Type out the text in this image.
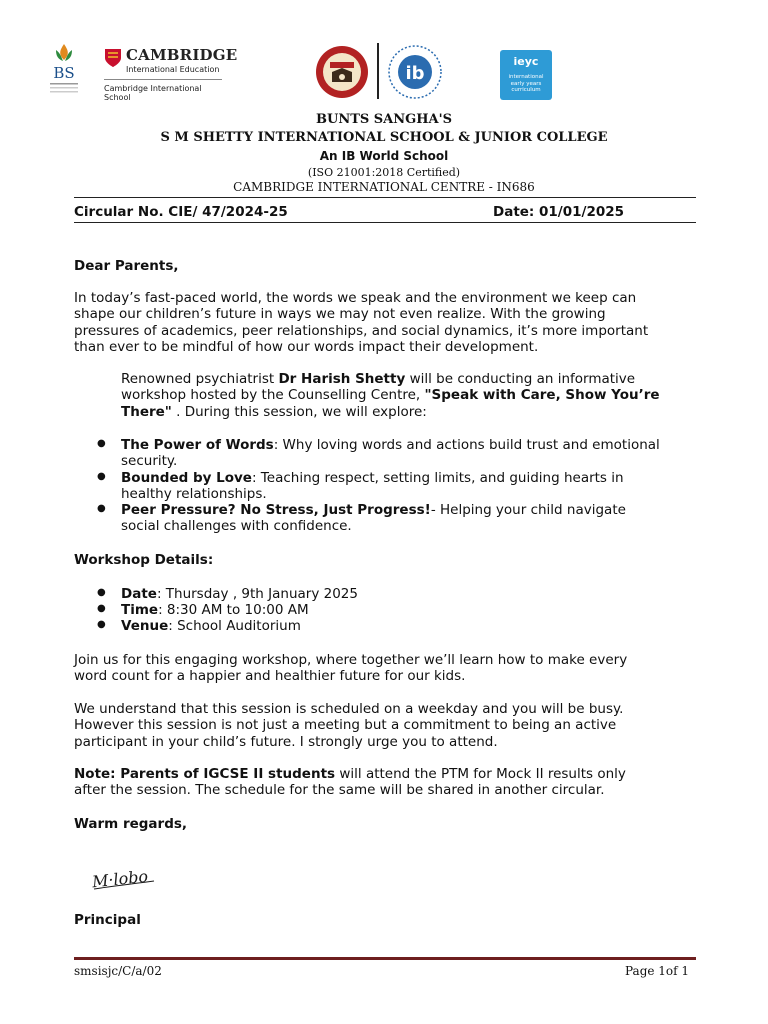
BS
CAMBRIDGE
International Education
Cambridge International School
ib
ieyc
international
early years
curriculum
BUNTS SANGHA'S
S M SHETTY INTERNATIONAL SCHOOL & JUNIOR COLLEGE
An IB World School
(ISO 21001:2018 Certified)
CAMBRIDGE INTERNATIONAL CENTRE - IN686
Circular No. CIE/ 47/2024-25	Date: 01/01/2025
Dear Parents,
In today’s fast-paced world, the words we speak and the environment we keep can
shape our children’s future in ways we may not even realize. With the growing
pressures of academics, peer relationships, and social dynamics, it’s more important
than ever to be mindful of how our words impact their development.
Renowned psychiatrist Dr Harish Shetty will be conducting an informative
workshop hosted by the Counselling Centre, "Speak with Care, Show You’re
There" . During this session, we will explore:
● The Power of Words: Why loving words and actions build trust and emotional
security.
● Bounded by Love: Teaching respect, setting limits, and guiding hearts in
healthy relationships.
● Peer Pressure? No Stress, Just Progress!- Helping your child navigate
social challenges with confidence.
Workshop Details:
● Date: Thursday , 9th January 2025
● Time: 8:30 AM to 10:00 AM
● Venue: School Auditorium
Join us for this engaging workshop, where together we’ll learn how to make every
word count for a happier and healthier future for our kids.
We understand that this session is scheduled on a weekday and you will be busy.
However this session is not just a meeting but a commitment to being an active
participant in your child’s future. I strongly urge you to attend.
Note: Parents of IGCSE II students will attend the PTM for Mock II results only
after the session. The schedule for the same will be shared in another circular.
Warm regards,
M·lobo
Principal
smsisjc/C/a/02	Page 1of 1
